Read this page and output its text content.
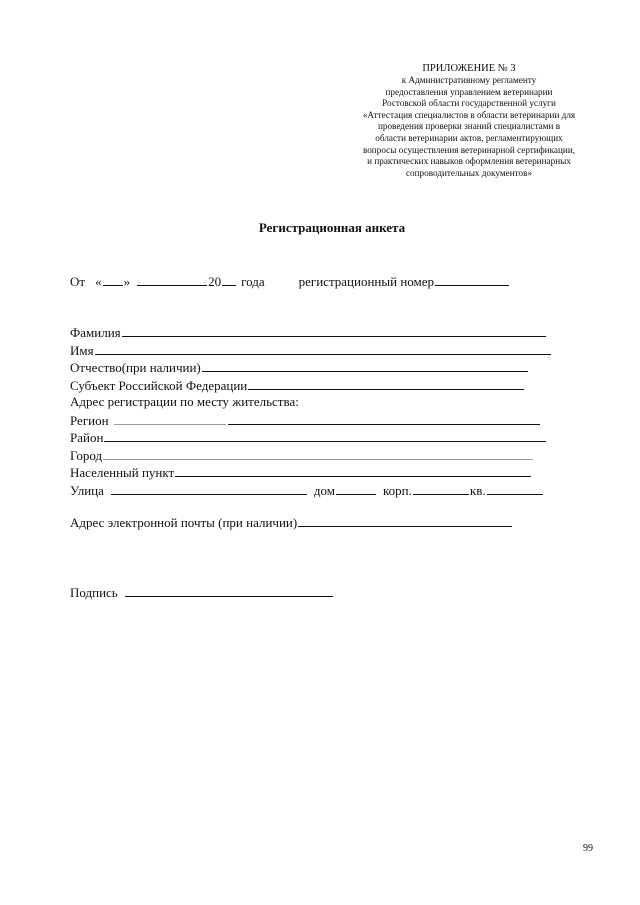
ПРИЛОЖЕНИЕ № 3
к Административному регламенту
предоставления управлением ветеринарии
Ростовской области государственной услуги
«Аттестация специалистов в области ветеринарии для
проведения проверки знаний специалистами в
области ветеринарии актов, регламентирующих
вопросы осуществления ветеринарной сертификации,
и практических навыков оформления ветеринарных
сопроводительных документов»
Регистрационная анкета
От « »	20 года	регистрационный номер
Фамилия
Имя
Отчество(при наличии)
Субъект Российской Федерации
Адрес регистрации по месту жительства:
Регион
Район
Город
Населенный пункт
Улица	дом	корп.	кв.
Адрес электронной почты (при наличии)
Подпись
99
